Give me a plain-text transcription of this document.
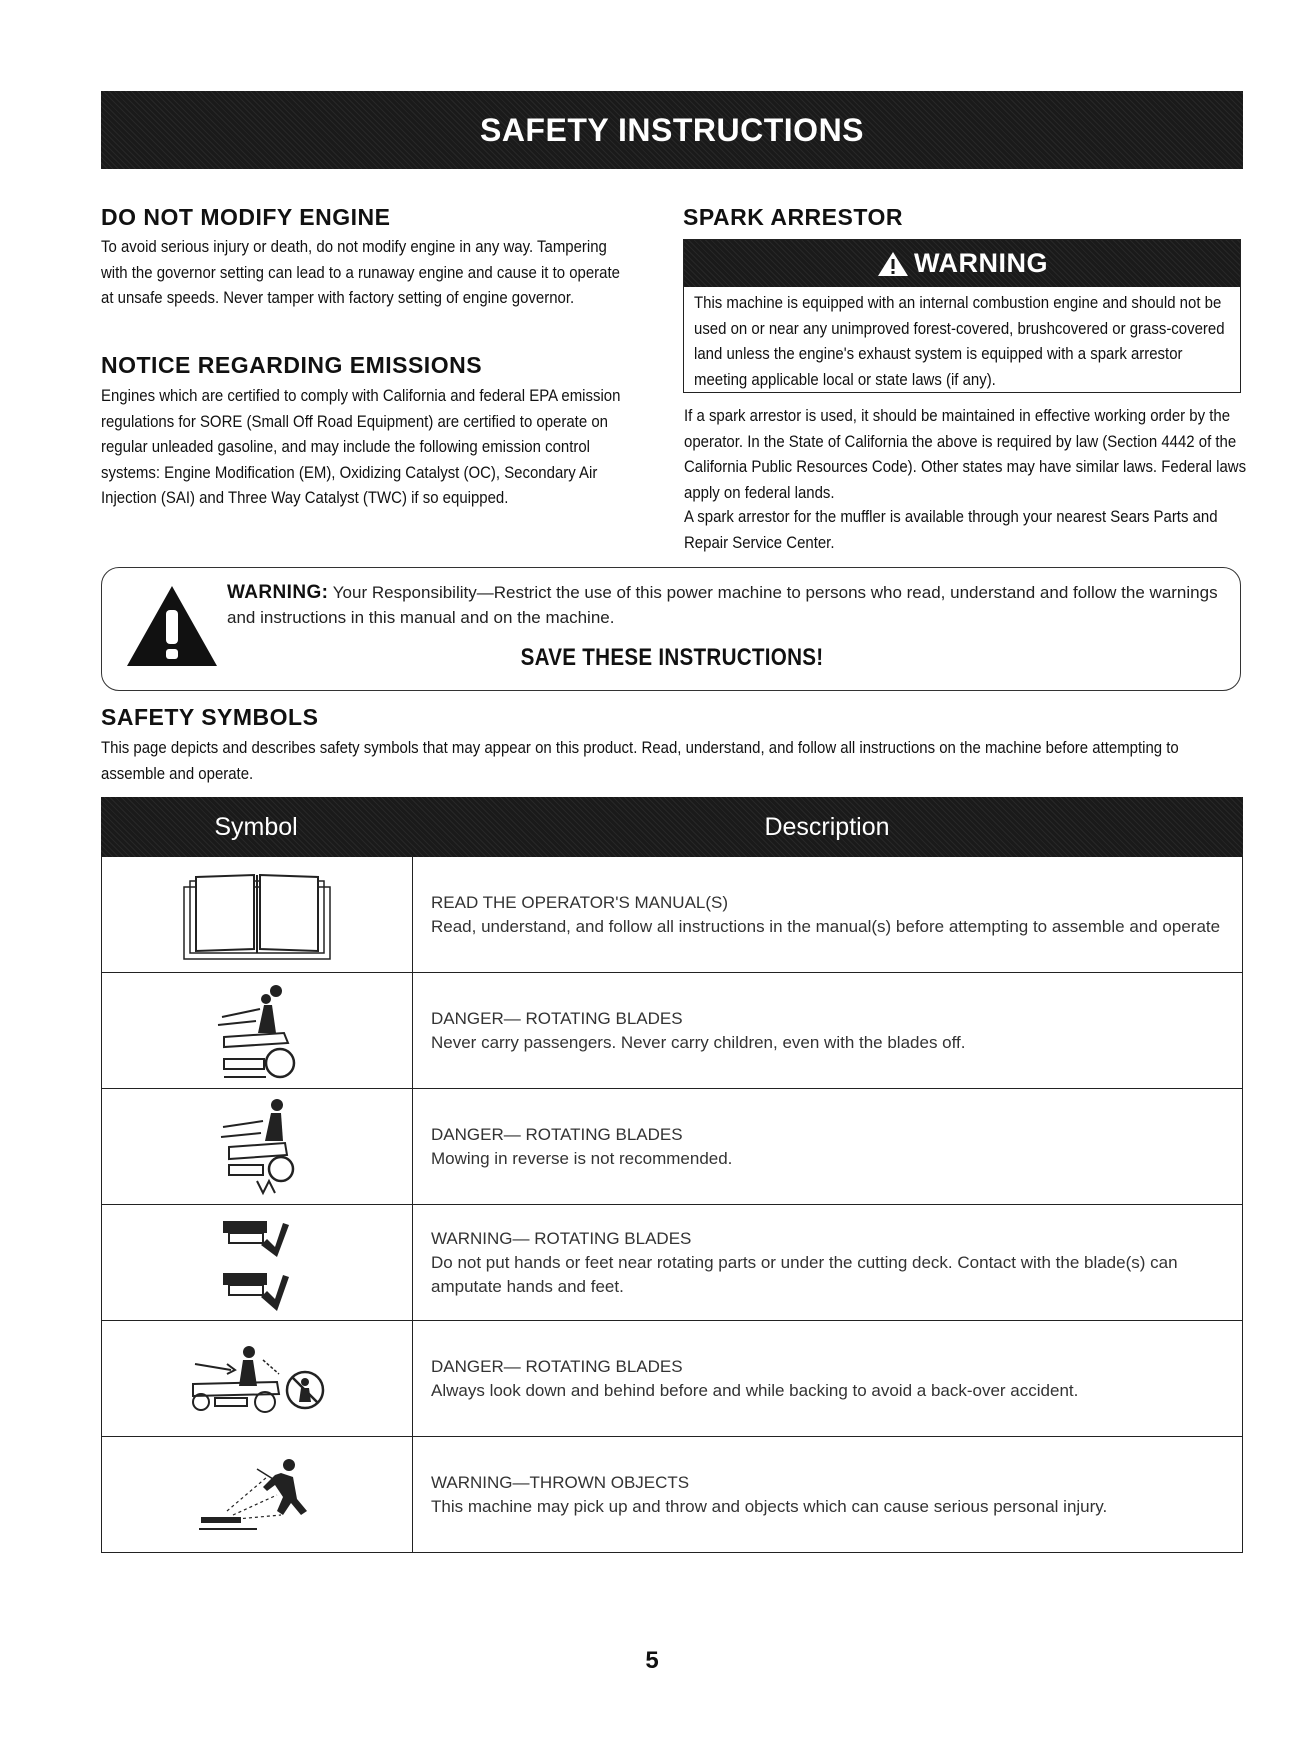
SAFETY INSTRUCTIONS
DO NOT MODIFY ENGINE

To avoid serious injury or death, do not modify engine in any way. Tampering with the governor setting can lead to a runaway engine and cause it to operate at unsafe speeds. Never tamper with factory setting of engine governor.

NOTICE REGARDING EMISSIONS

Engines which are certified to comply with California and federal EPA emission regulations for SORE (Small Off Road Equipment) are certified to operate on regular unleaded gasoline, and may include the following emission control systems: Engine Modification (EM), Oxidizing Catalyst (OC), Secondary Air Injection (SAI) and Three Way Catalyst (TWC) if so equipped.

SPARK ARRESTOR
WARNING

This machine is equipped with an internal combustion engine and should not be used on or near any unimproved forest-covered, brushcovered or grass-covered land unless the engine's exhaust system is equipped with a spark arrestor meeting applicable local or state laws (if any).

If a spark arrestor is used, it should be maintained in effective working order by the operator. In the State of California the above is required by law (Section 4442 of the California Public Resources Code). Other states may have similar laws. Federal laws apply on federal lands.

A spark arrestor for the muffler is available through your nearest Sears Parts and Repair Service Center.

WARNING: Your Responsibility—Restrict the use of this power machine to persons who read, understand and follow the warnings and instructions in this manual and on the machine.

SAVE THESE INSTRUCTIONS!
SAFETY SYMBOLS

This page depicts and describes safety symbols that may appear on this product. Read, understand, and follow all instructions on the machine before attempting to assemble and operate.

Symbol	Description
READ THE OPERATOR'S MANUAL(S)
Read, understand, and follow all instructions in the manual(s) before attempting to assemble and operate
DANGER— ROTATING BLADES
Never carry passengers. Never carry children, even with the blades off.
DANGER— ROTATING BLADES
Mowing in reverse is not recommended.
WARNING— ROTATING BLADES
Do not put hands or feet near rotating parts or under the cutting deck. Contact with the blade(s) can amputate hands and feet.
DANGER— ROTATING BLADES
Always look down and behind before and while backing to avoid a back-over accident.
WARNING—THROWN OBJECTS
This machine may pick up and throw and objects which can cause serious personal injury.
5
